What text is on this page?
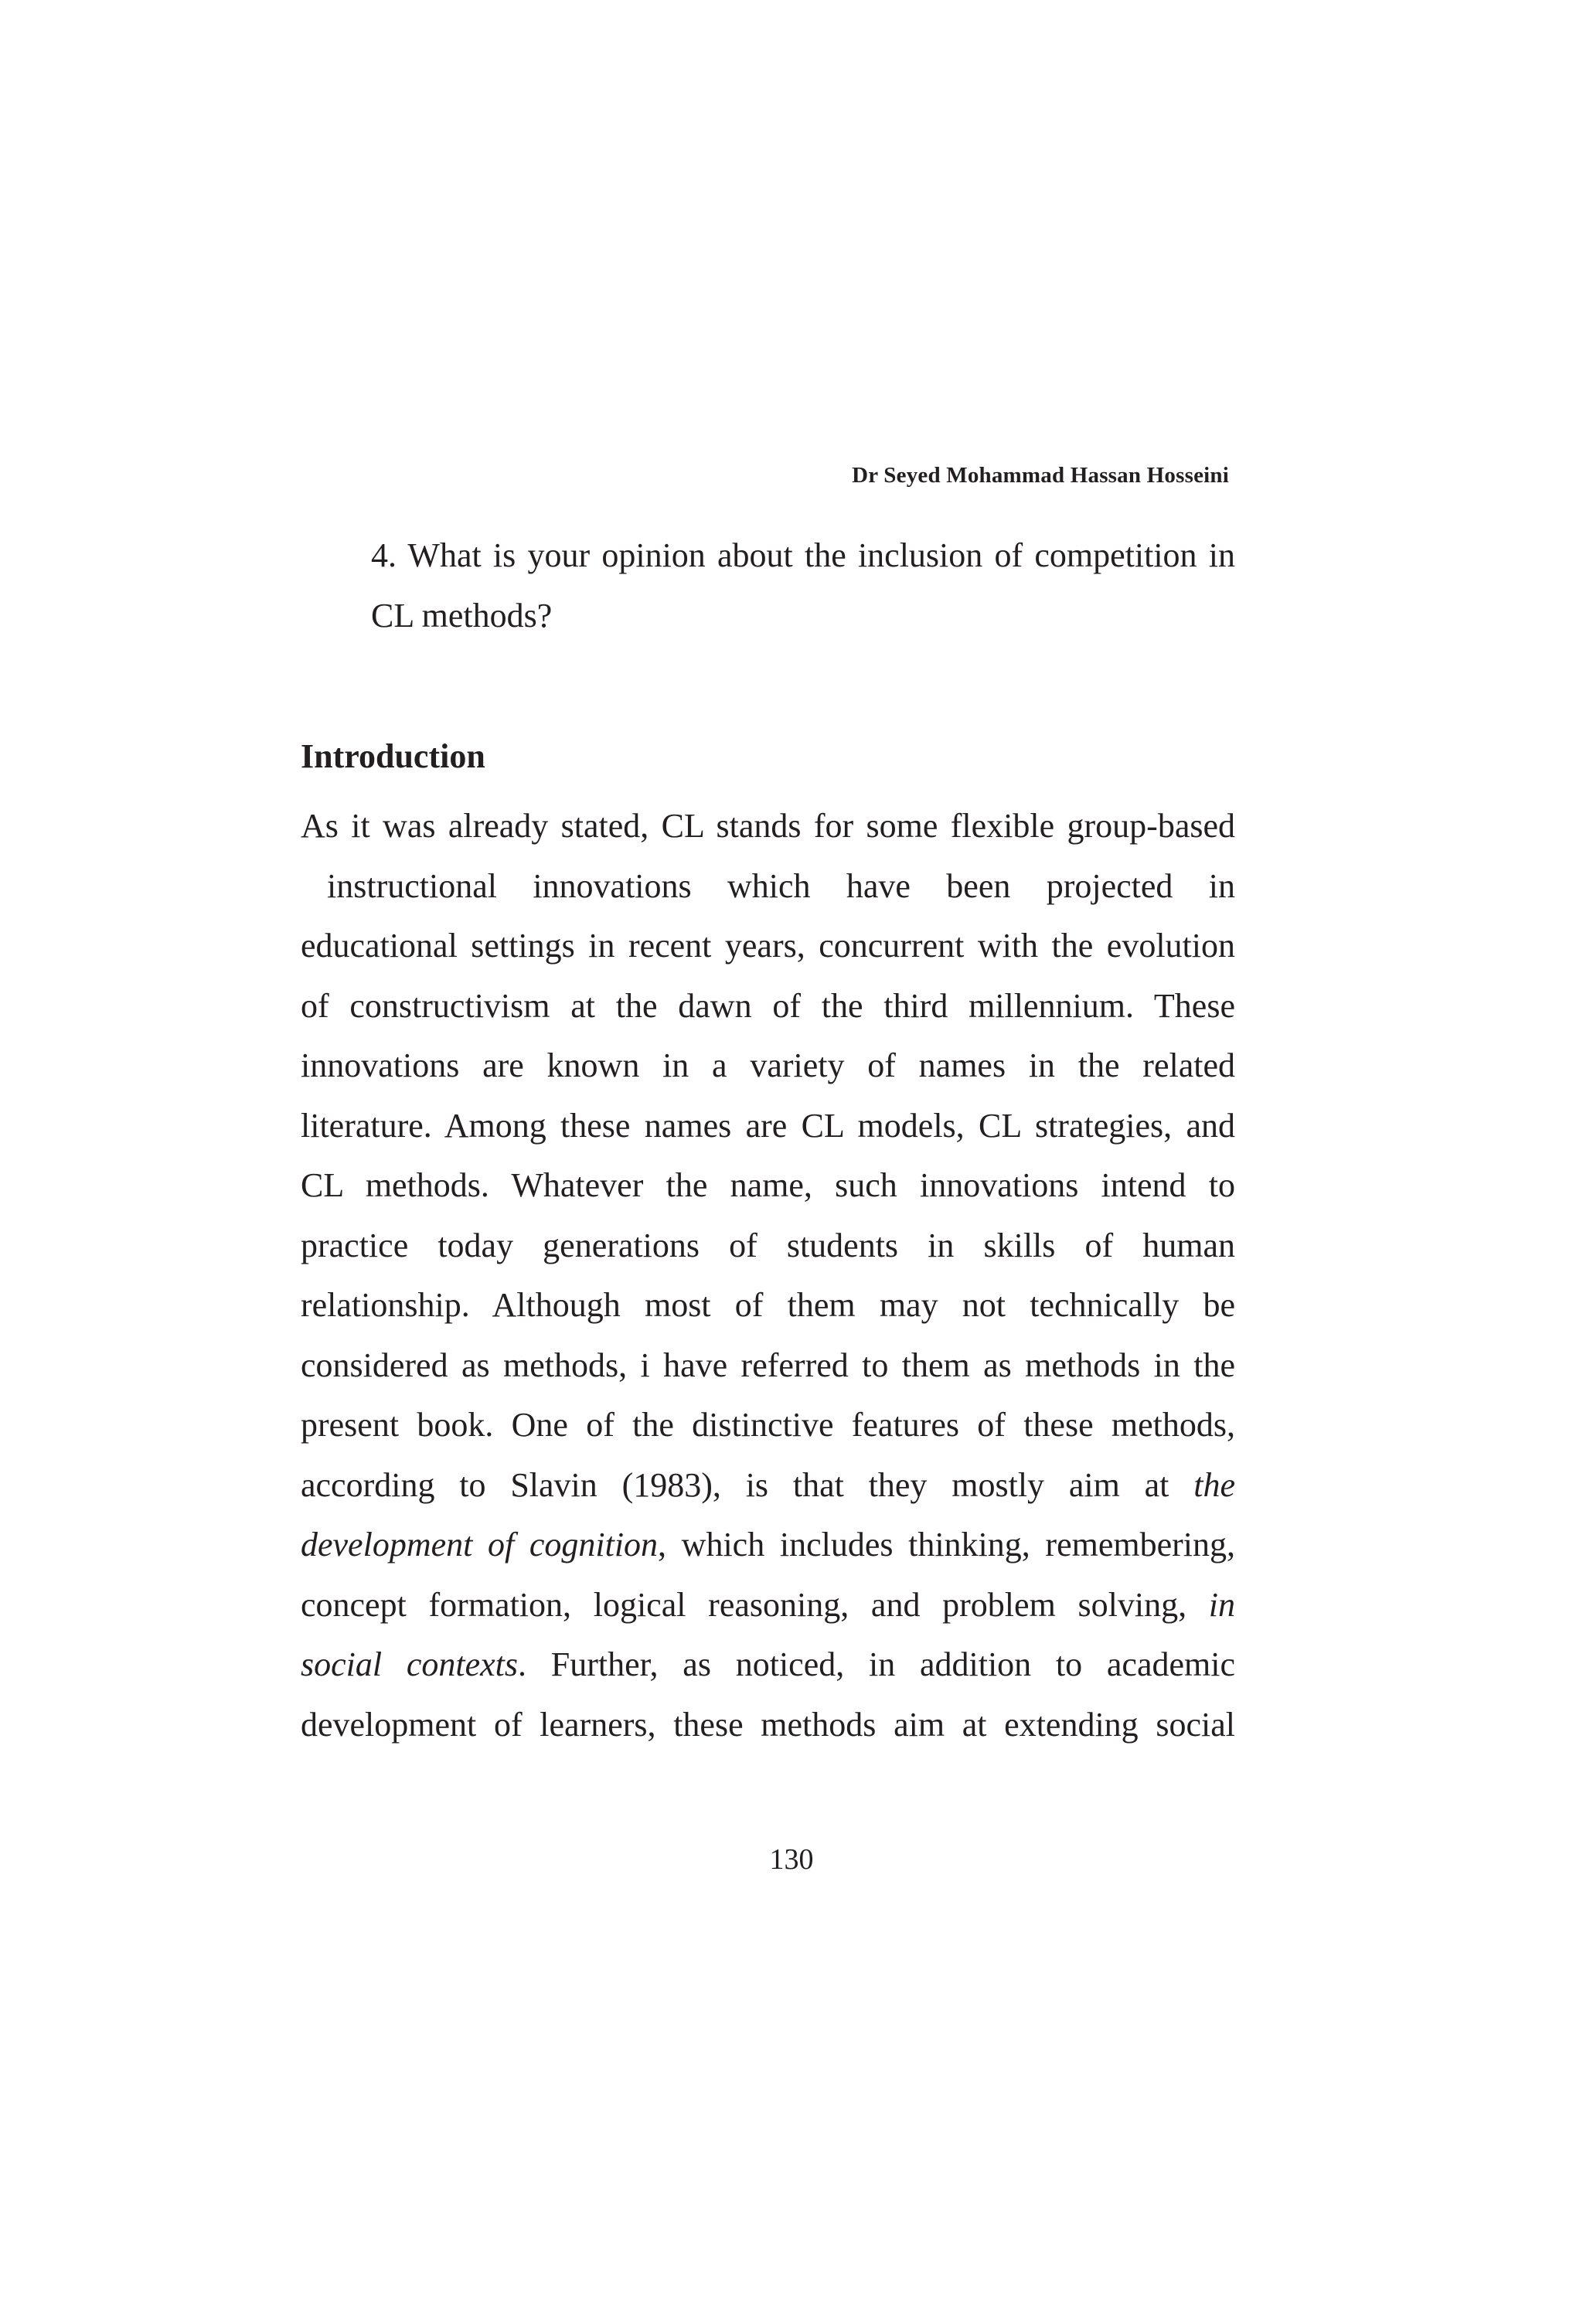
Dr Seyed Mohammad Hassan Hosseini
4. What is your opinion about the inclusion of competition in
CL methods?
Introduction
As it was already stated, CL stands for some flexible group-based
instructional innovations which have been projected in
educational settings in recent years, concurrent with the evolution
of constructivism at the dawn of the third millennium. These
innovations are known in a variety of names in the related
literature. Among these names are CL models, CL strategies, and
CL methods. Whatever the name, such innovations intend to
practice today generations of students in skills of human
relationship. Although most of them may not technically be
considered as methods, i have referred to them as methods in the
present book. One of the distinctive features of these methods,
according to Slavin (1983), is that they mostly aim at the
development of cognition, which includes thinking, remembering,
concept formation, logical reasoning, and problem solving, in
social contexts. Further, as noticed, in addition to academic
development of learners, these methods aim at extending social
130
